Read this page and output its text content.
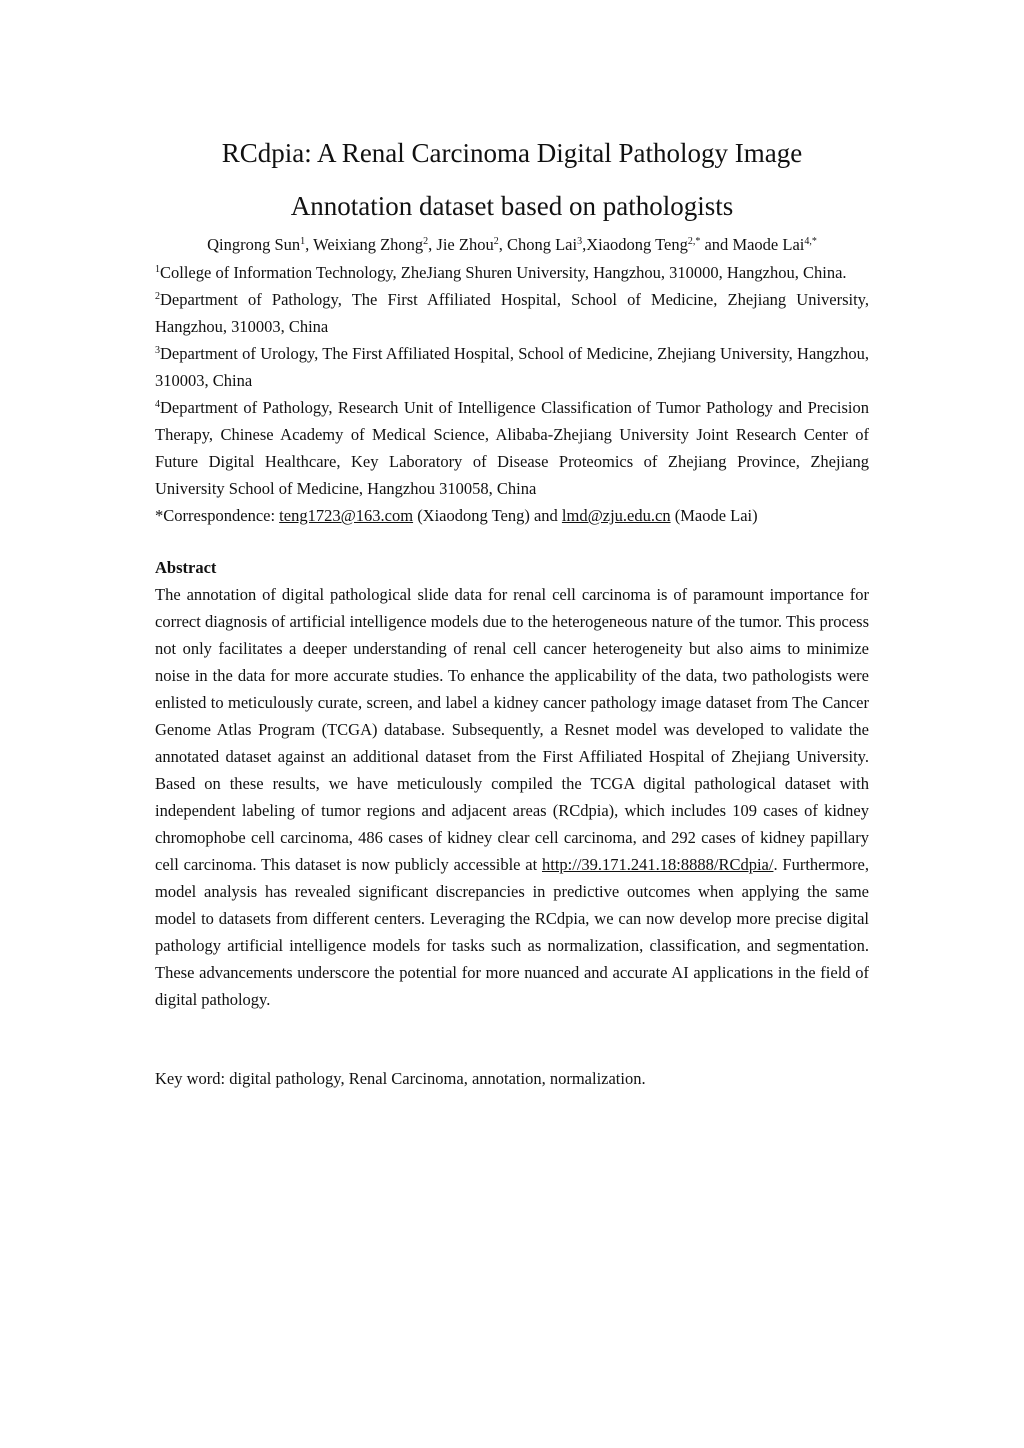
RCdpia: A Renal Carcinoma Digital Pathology Image
Annotation dataset based on pathologists
Qingrong Sun$^1$, Weixiang Zhong$^2$, Jie Zhou$^2$, Chong Lai$^3$,Xiaodong Teng$^{2,*}$ and Maode Lai$^{4,*}$

$^1$College of Information Technology, ZheJiang Shuren University, Hangzhou, 310000, Hangzhou, China.

$^2$Department of Pathology, The First Affiliated Hospital, School of Medicine, Zhejiang University, Hangzhou, 310003, China

$^3$Department of Urology, The First Affiliated Hospital, School of Medicine, Zhejiang University, Hangzhou, 310003, China

$^4$Department of Pathology, Research Unit of Intelligence Classification of Tumor Pathology and Precision Therapy, Chinese Academy of Medical Science, Alibaba-Zhejiang University Joint Research Center of Future Digital Healthcare, Key Laboratory of Disease Proteomics of Zhejiang Province, Zhejiang University School of Medicine, Hangzhou 310058, China

*Correspondence: teng1723@163.com (Xiaodong Teng) and lmd@zju.edu.cn (Maode Lai)

Abstract

The annotation of digital pathological slide data for renal cell carcinoma is of paramount importance for correct diagnosis of artificial intelligence models due to the heterogeneous nature of the tumor. This process not only facilitates a deeper understanding of renal cell cancer heterogeneity but also aims to minimize noise in the data for more accurate studies. To enhance the applicability of the data, two pathologists were enlisted to meticulously curate, screen, and label a kidney cancer pathology image dataset from The Cancer Genome Atlas Program (TCGA) database. Subsequently, a Resnet model was developed to validate the annotated dataset against an additional dataset from the First Affiliated Hospital of Zhejiang University. Based on these results, we have meticulously compiled the TCGA digital pathological dataset with independent labeling of tumor regions and adjacent areas (RCdpia), which includes 109 cases of kidney chromophobe cell carcinoma, 486 cases of kidney clear cell carcinoma, and 292 cases of kidney papillary cell carcinoma. This dataset is now publicly accessible at http://39.171.241.18:8888/RCdpia/. Furthermore, model analysis has revealed significant discrepancies in predictive outcomes when applying the same model to datasets from different centers. Leveraging the RCdpia, we can now develop more precise digital pathology artificial intelligence models for tasks such as normalization, classification, and segmentation. These advancements underscore the potential for more nuanced and accurate AI applications in the field of digital pathology.

Key word: digital pathology, Renal Carcinoma, annotation, normalization.
